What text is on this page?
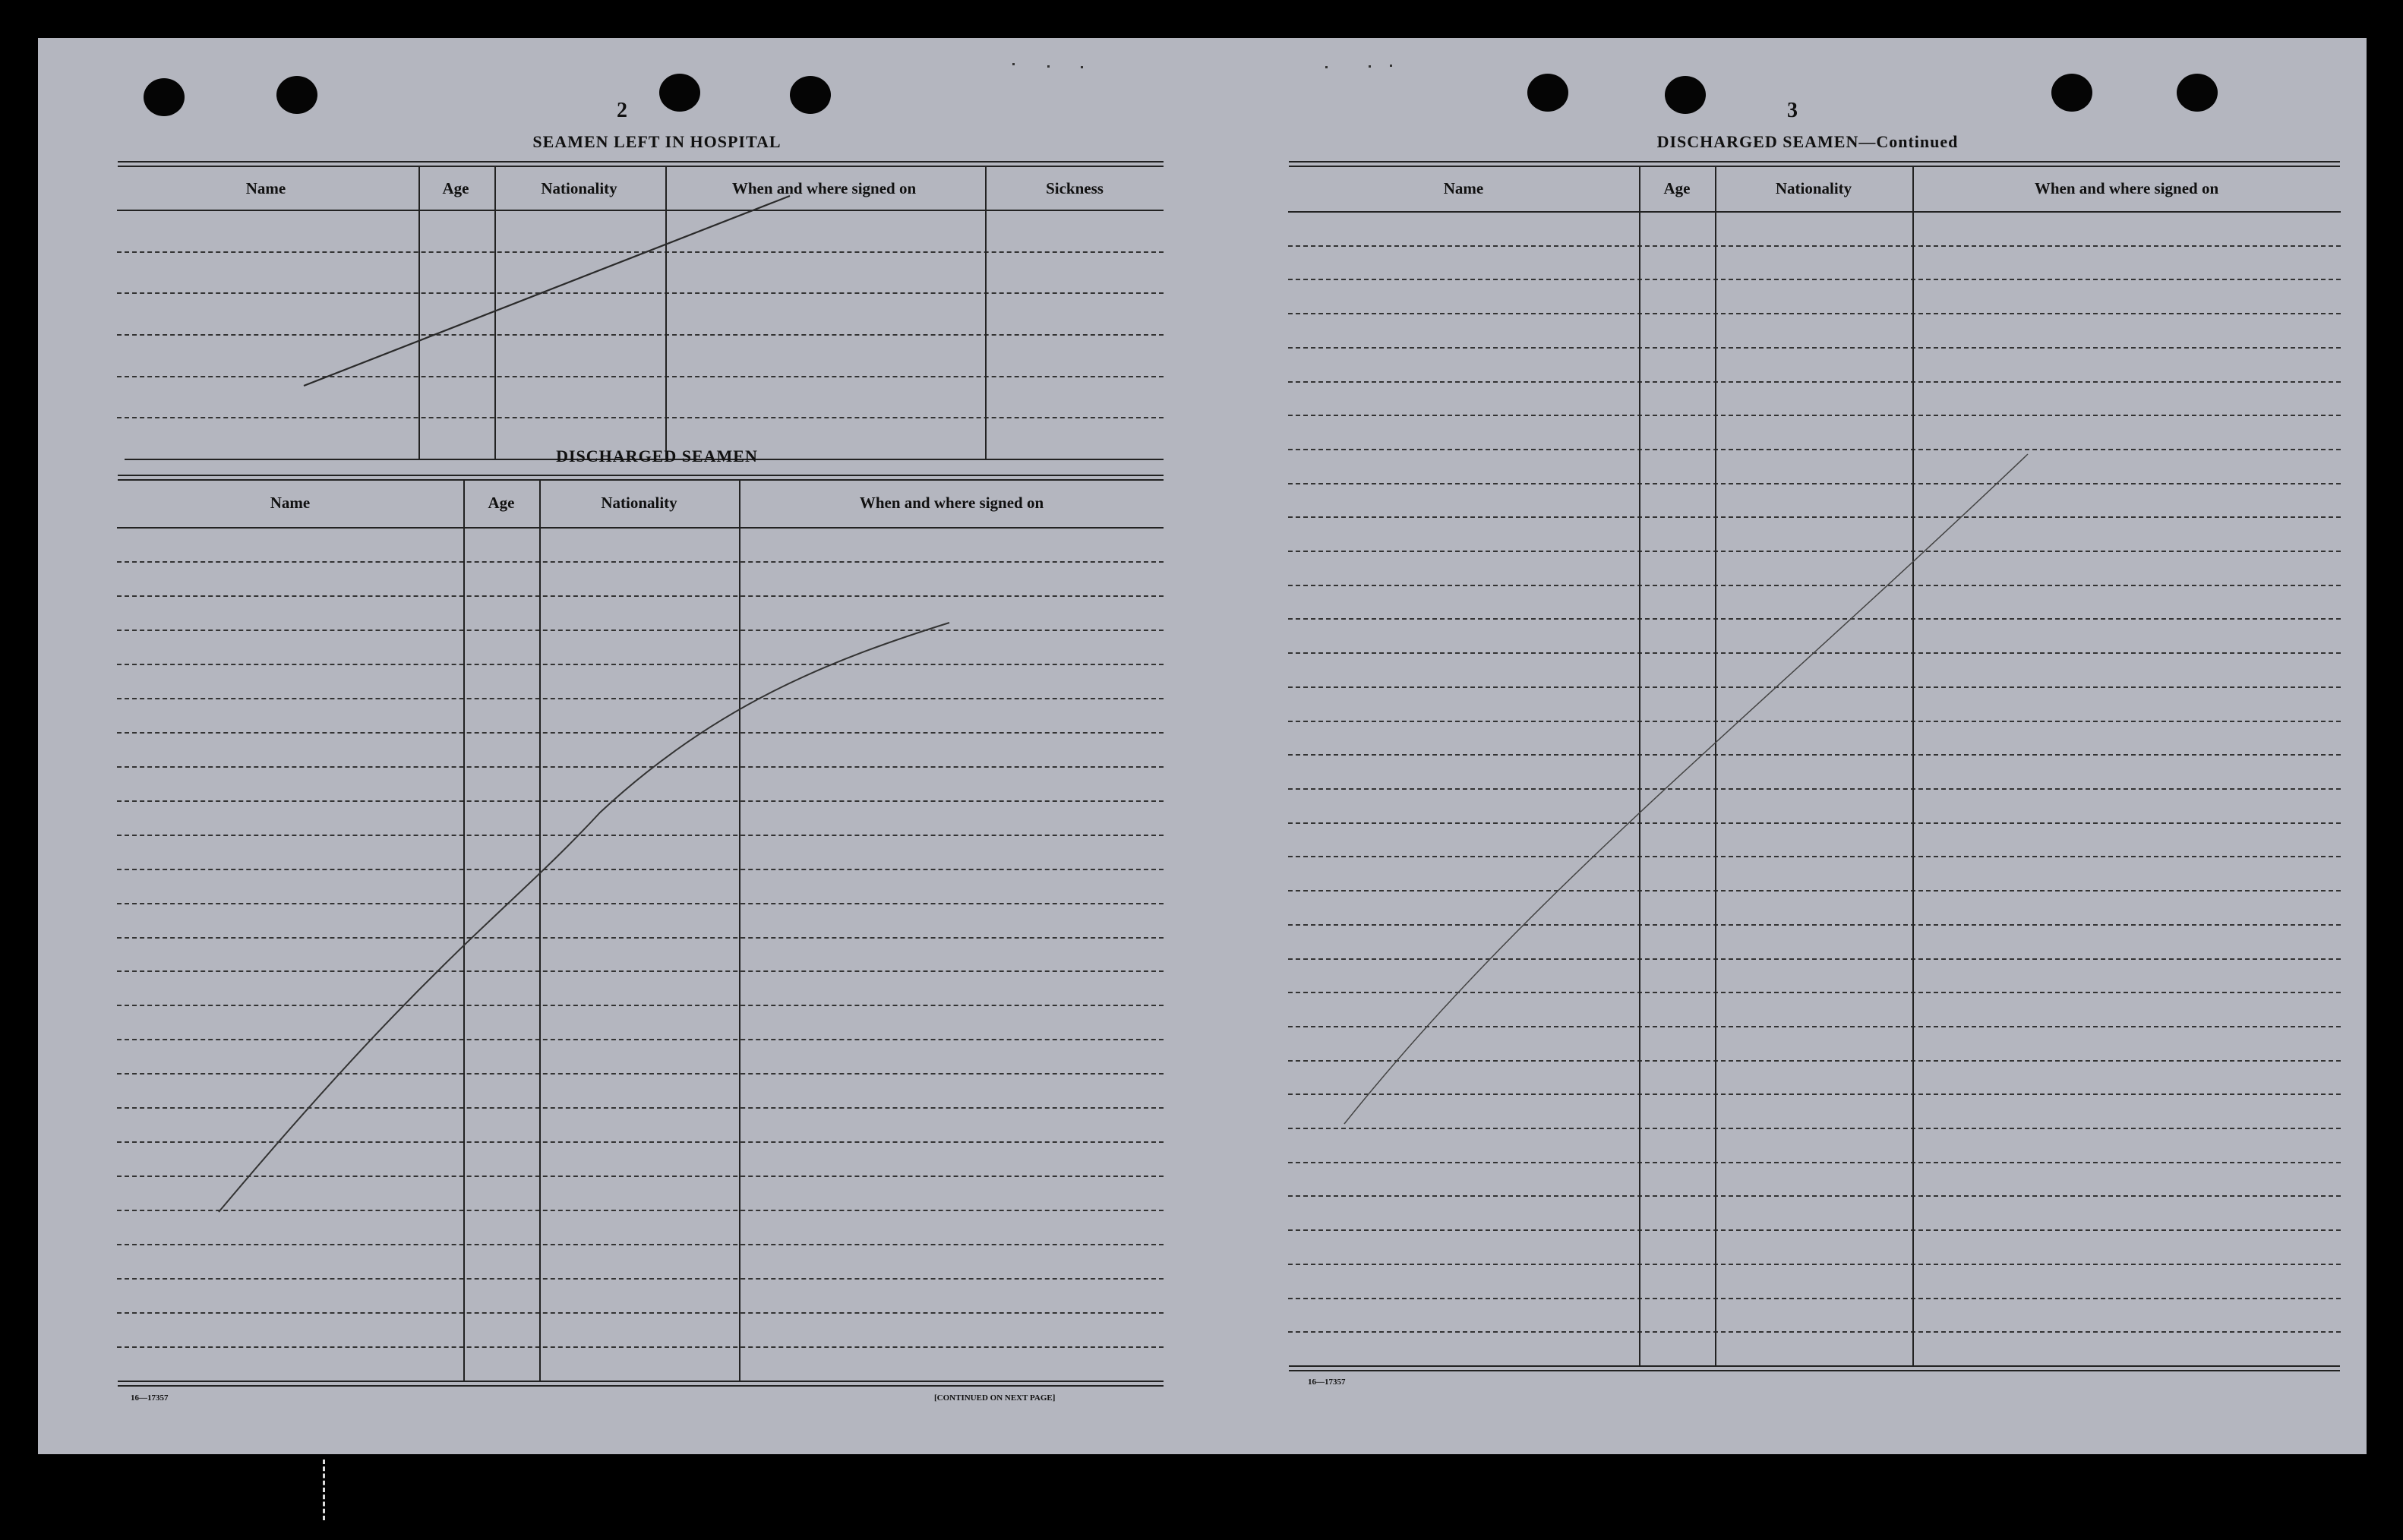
2
SEAMEN LEFT IN HOSPITAL
Name	Age	Nationality	When and where signed on	Sickness
DISCHARGED SEAMEN
Name	Age	Nationality	When and where signed on
16—17357	[CONTINUED ON NEXT PAGE]
3
DISCHARGED SEAMEN—Continued
Name	Age	Nationality	When and where signed on
16—17357
